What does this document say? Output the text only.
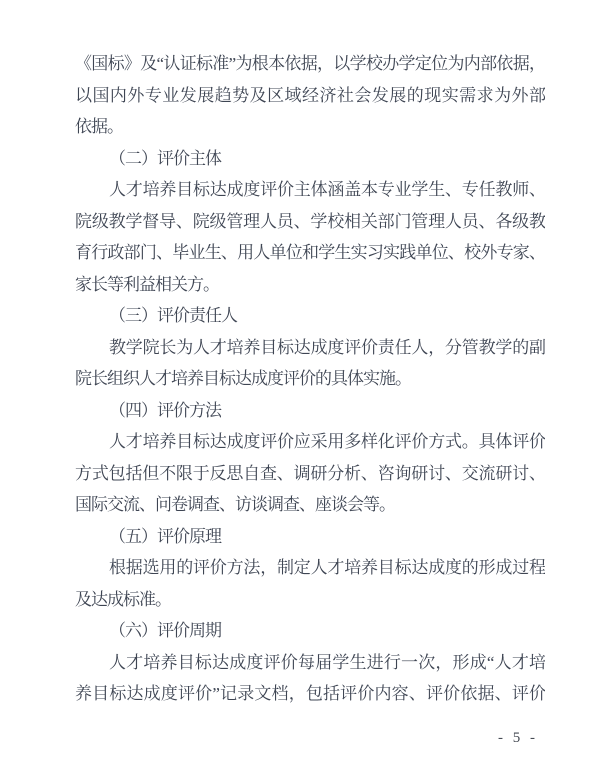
《国标》及“认证标准”为根本依据，以学校办学定位为内部依据，
以国内外专业发展趋势及区域经济社会发展的现实需求为外部
依据。
（二）评价主体
人才培养目标达成度评价主体涵盖本专业学生、专任教师、
院级教学督导、院级管理人员、学校相关部门管理人员、各级教
育行政部门、毕业生、用人单位和学生实习实践单位、校外专家、
家长等利益相关方。
（三）评价责任人
教学院长为人才培养目标达成度评价责任人，分管教学的副
院长组织人才培养目标达成度评价的具体实施。
（四）评价方法
人才培养目标达成度评价应采用多样化评价方式。具体评价
方式包括但不限于反思自查、调研分析、咨询研讨、交流研讨、
国际交流、问卷调查、访谈调查、座谈会等。
（五）评价原理
根据选用的评价方法，制定人才培养目标达成度的形成过程
及达成标准。
（六）评价周期
人才培养目标达成度评价每届学生进行一次，形成“人才培
养目标达成度评价”记录文档，包括评价内容、评价依据、评价
- 5 -
